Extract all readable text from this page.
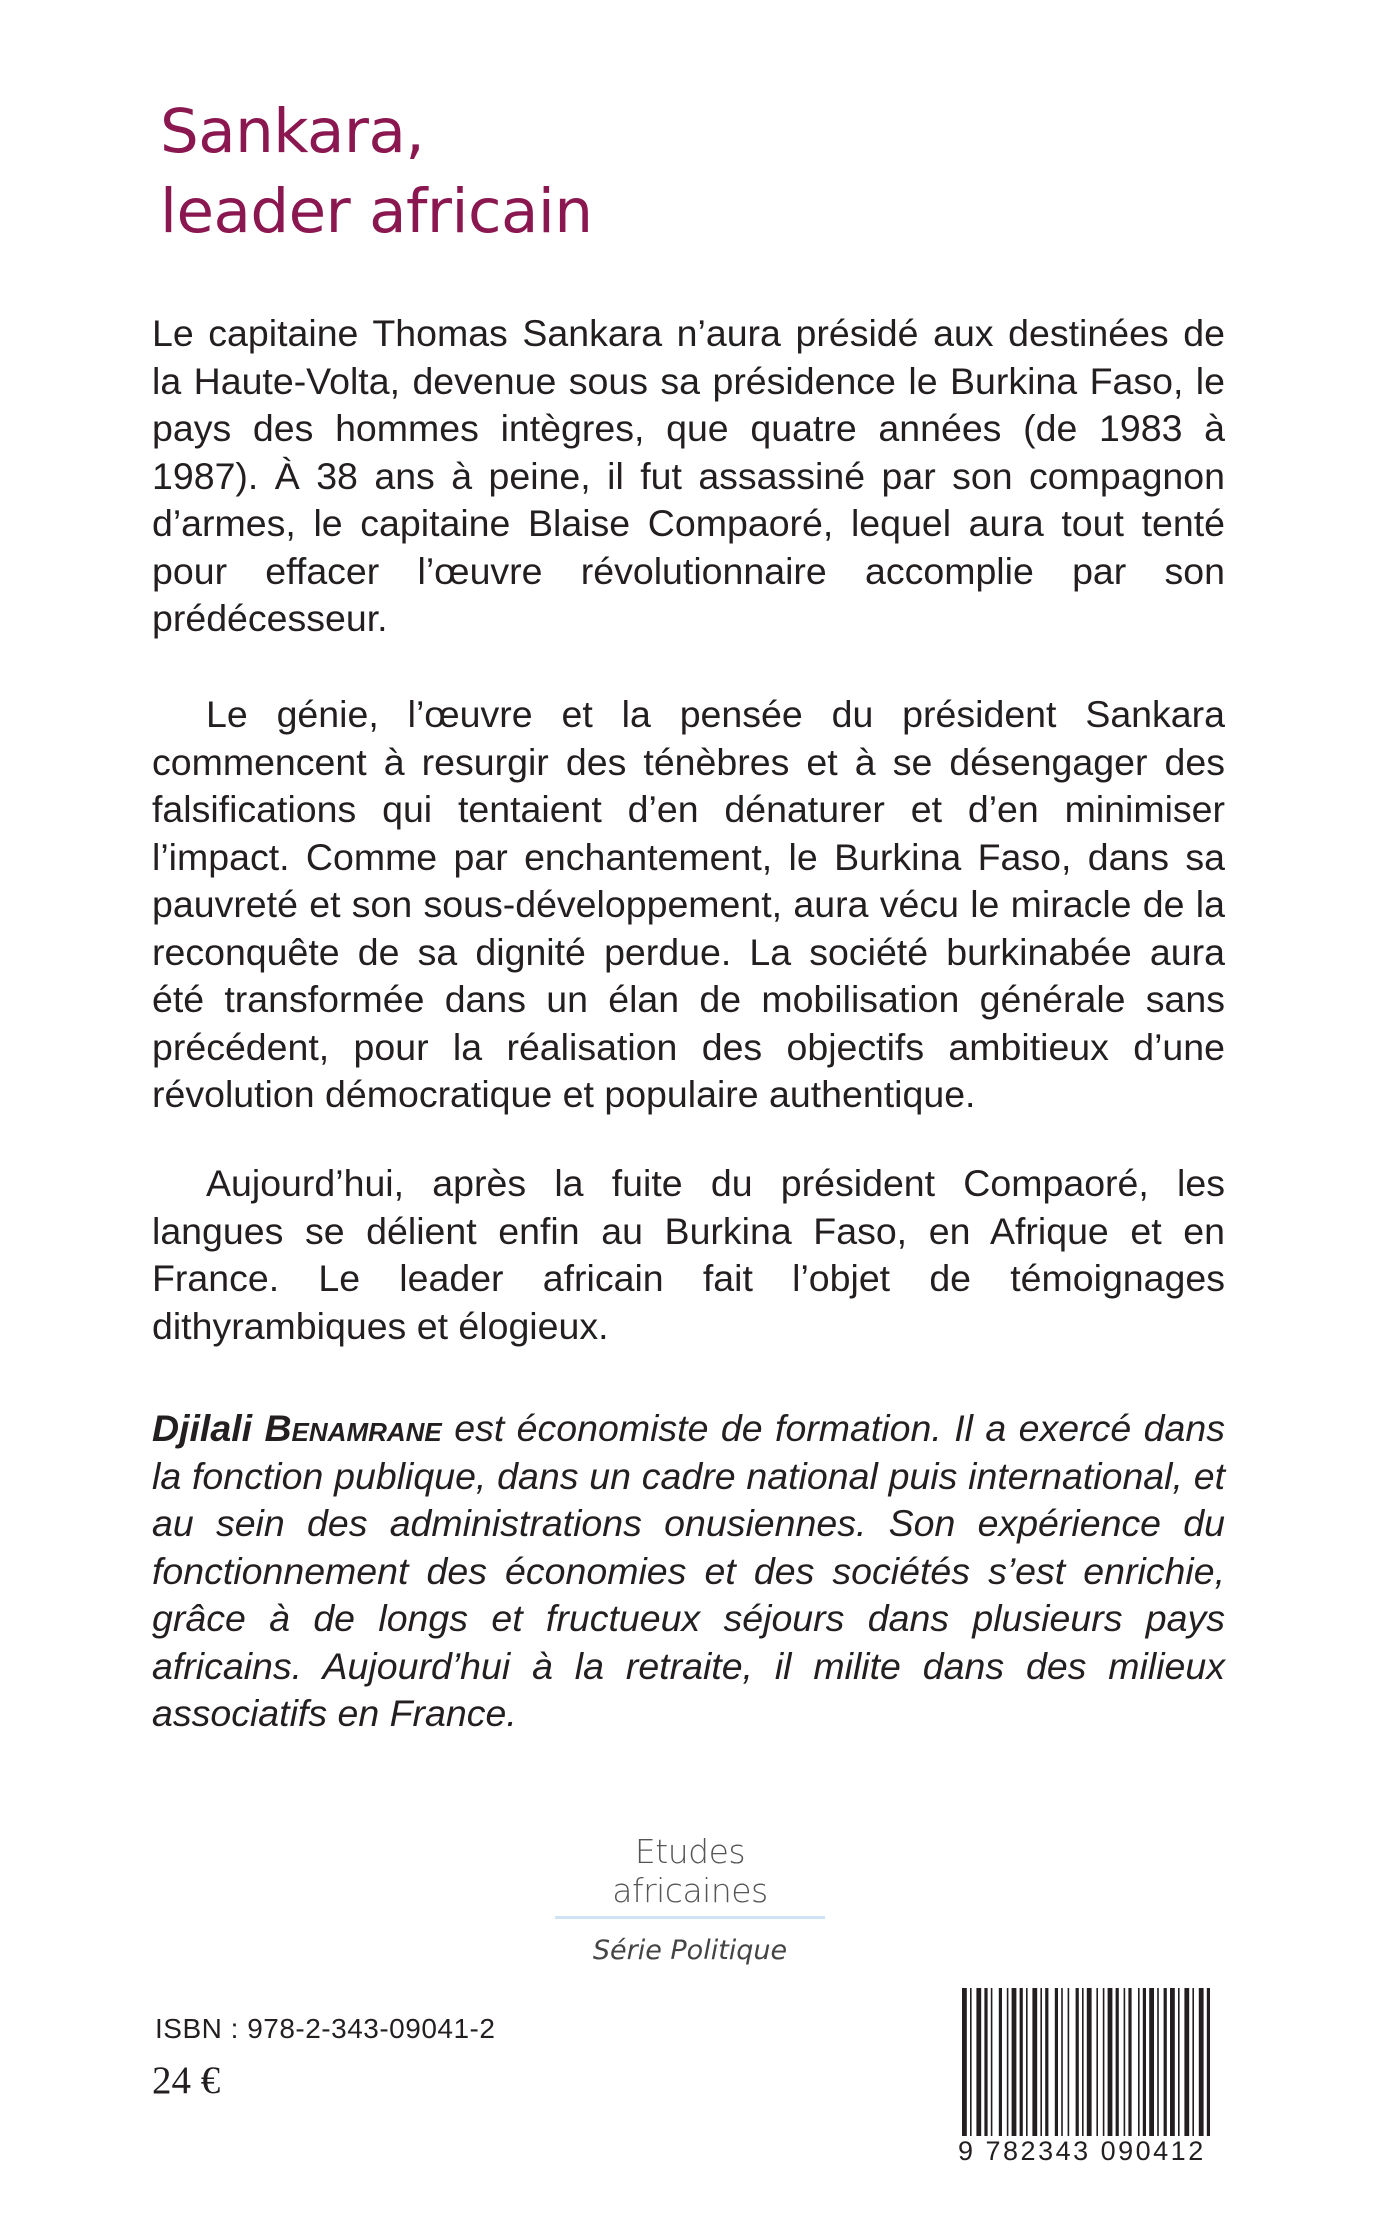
Sankara,
leader africain

Le capitaine Thomas Sankara n’aura présidé aux destinées de la Haute-Volta, devenue sous sa présidence le Burkina Faso, le pays des hommes intègres, que quatre années (de 1983 à 1987). À 38 ans à peine, il fut assassiné par son compagnon d’armes, le capitaine Blaise Compaoré, lequel aura tout tenté pour effacer l’œuvre révolutionnaire accomplie par son prédécesseur.

Le génie, l’œuvre et la pensée du président Sankara commencent à resurgir des ténèbres et à se désengager des falsifications qui tentaient d’en dénaturer et d’en minimiser l’impact. Comme par enchantement, le Burkina Faso, dans sa pauvreté et son sous-développement, aura vécu le miracle de la reconquête de sa dignité perdue. La société burkinabée aura été transformée dans un élan de mobilisation générale sans précédent, pour la réalisation des objectifs ambitieux d’une révolution démocratique et populaire authentique.

Aujourd’hui, après la fuite du président Compaoré, les langues se délient enfin au Burkina Faso, en Afrique et en France. Le leader africain fait l’objet de témoignages dithyrambiques et élogieux.

Djilali Benamrane est économiste de formation. Il a exercé dans la fonction publique, dans un cadre national puis international, et au sein des administrations onusiennes. Son expérience du fonctionnement des économies et des sociétés s’est enrichie, grâce à de longs et fructueux séjours dans plusieurs pays africains. Aujourd’hui à la retraite, il milite dans des milieux associatifs en France.

Etudes africaines
Série Politique
ISBN : 978-2-343-09041-2
24 €
9 782343 090412
